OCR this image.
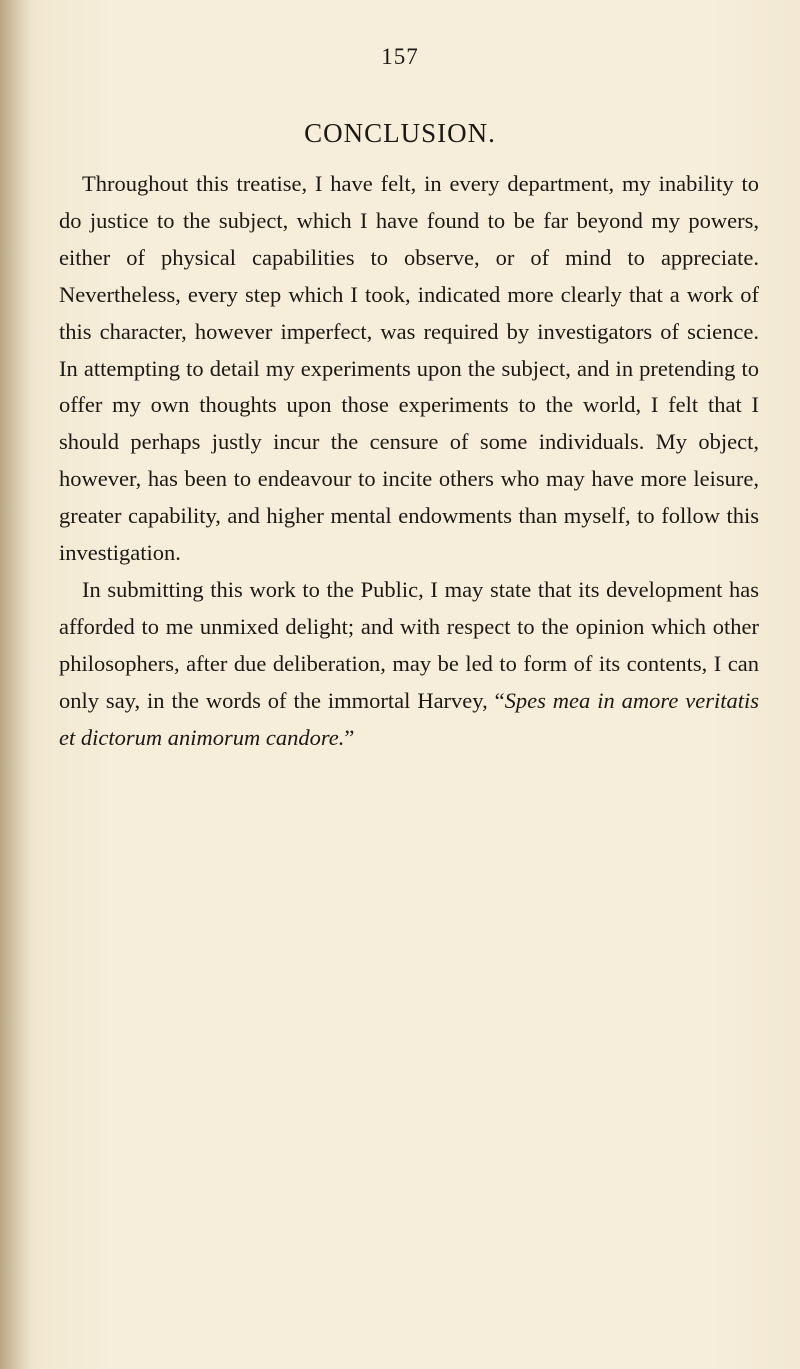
157
CONCLUSION.

Throughout this treatise, I have felt, in every department, my inability to do justice to the subject, which I have found to be far beyond my powers, either of physical capabilities to observe, or of mind to appreciate. Nevertheless, every step which I took, indicated more clearly that a work of this character, however imperfect, was required by investigators of science. In attempting to detail my experiments upon the subject, and in pretending to offer my own thoughts upon those experiments to the world, I felt that I should perhaps justly incur the censure of some individuals. My object, however, has been to endeavour to incite others who may have more leisure, greater capability, and higher mental endowments than myself, to follow this investigation.

In submitting this work to the Public, I may state that its development has afforded to me unmixed delight; and with respect to the opinion which other philosophers, after due deliberation, may be led to form of its contents, I can only say, in the words of the immortal Harvey, “Spes mea in amore veritatis et dictorum animorum candore.”
